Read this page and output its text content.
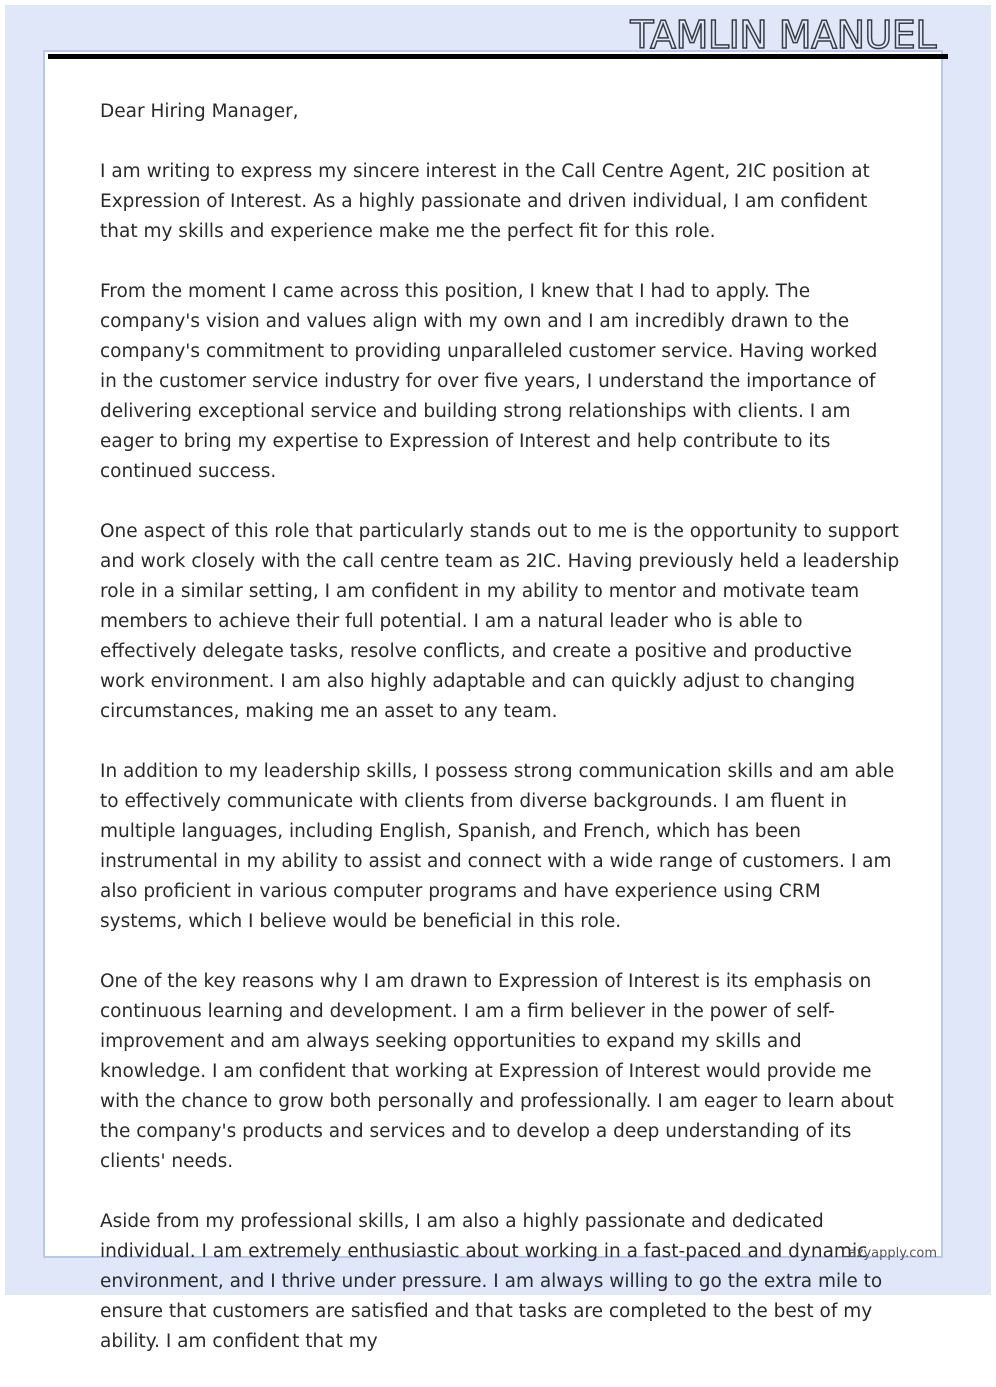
TAMLIN MANUEL

Dear Hiring Manager,

I am writing to express my sincere interest in the Call Centre Agent, 2IC position at Expression of Interest. As a highly passionate and driven individual, I am confident that my skills and experience make me the perfect fit for this role.

From the moment I came across this position, I knew that I had to apply. The company's vision and values align with my own and I am incredibly drawn to the company's commitment to providing unparalleled customer service. Having worked in the customer service industry for over five years, I understand the importance of delivering exceptional service and building strong relationships with clients. I am eager to bring my expertise to Expression of Interest and help contribute to its continued success.

One aspect of this role that particularly stands out to me is the opportunity to support and work closely with the call centre team as 2IC. Having previously held a leadership role in a similar setting, I am confident in my ability to mentor and motivate team members to achieve their full potential. I am a natural leader who is able to effectively delegate tasks, resolve conflicts, and create a positive and productive work environment. I am also highly adaptable and can quickly adjust to changing circumstances, making me an asset to any team.

In addition to my leadership skills, I possess strong communication skills and am able to effectively communicate with clients from diverse backgrounds. I am fluent in multiple languages, including English, Spanish, and French, which has been instrumental in my ability to assist and connect with a wide range of customers. I am also proficient in various computer programs and have experience using CRM systems, which I believe would be beneficial in this role.

One of the key reasons why I am drawn to Expression of Interest is its emphasis on continuous learning and development. I am a firm believer in the power of self-improvement and am always seeking opportunities to expand my skills and knowledge. I am confident that working at Expression of Interest would provide me with the chance to grow both personally and professionally. I am eager to learn about the company's products and services and to develop a deep understanding of its clients' needs.

Aside from my professional skills, I am also a highly passionate and dedicated individual. I am extremely enthusiastic about working in a fast-paced and dynamic environment, and I thrive under pressure. I am always willing to go the extra mile to ensure that customers are satisfied and that tasks are completed to the best of my ability. I am confident that my

Lazyapply.com
